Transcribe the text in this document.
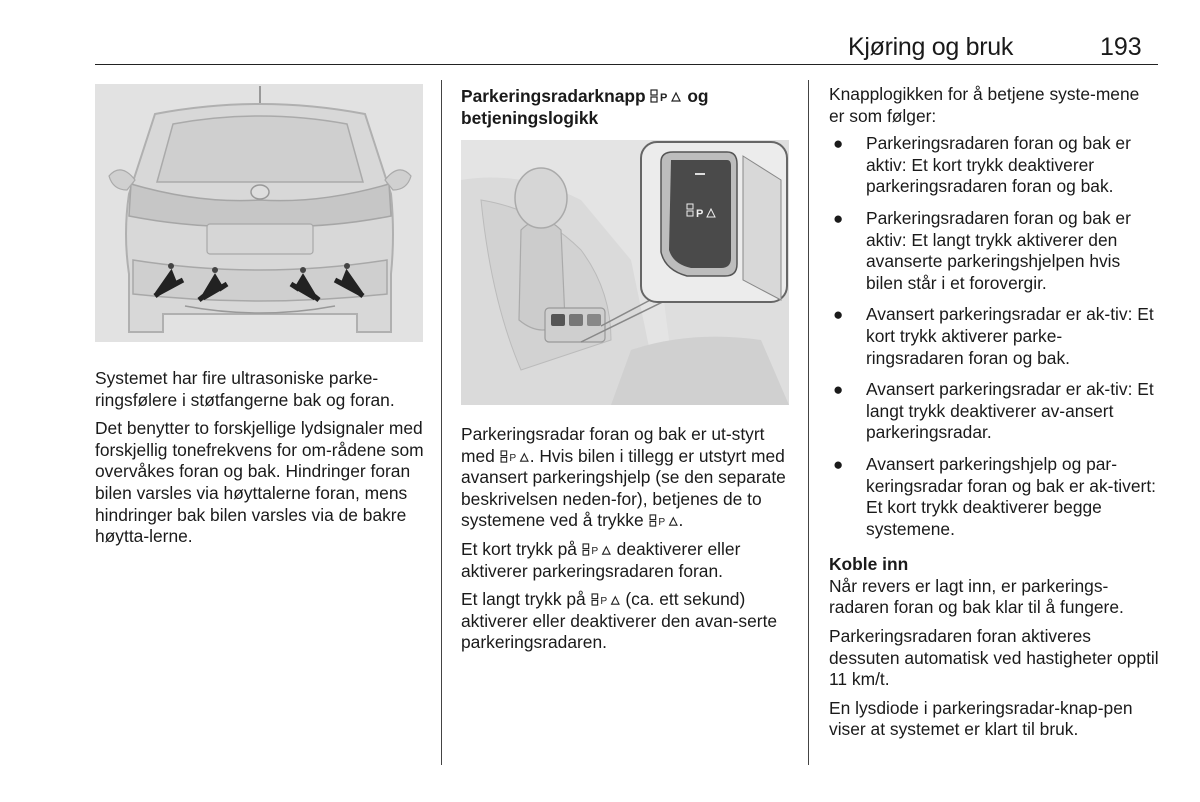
Kjøring og bruk	193

Systemet har fire ultrasoniske parke-ringsfølere i støtfangerne bak og foran.

Det benytter to forskjellige lydsignaler med forskjellig tonefrekvens for om-rådene som overvåkes foran og bak. Hindringer foran bilen varsles via høyttalerne foran, mens hindringer bak bilen varsles via de bakre høytta-lerne.

Parkeringsradarknapp P og
betjeningslogikk
P

Parkeringsradar foran og bak er ut-styrt med P . Hvis bilen i tillegg er utstyrt med avansert parkeringshjelp (se den separate beskrivelsen neden-for), betjenes de to systemene ved å trykke P .

Et kort trykk på P deaktiverer eller aktiverer parkeringsradaren foran.

Et langt trykk på P (ca. ett sekund) aktiverer eller deaktiverer den avan-serte parkeringsradaren.

Knapplogikken for å betjene syste-mene er som følger:

● Parkeringsradaren foran og bak er aktiv: Et kort trykk deaktiverer parkeringsradaren foran og bak.
● Parkeringsradaren foran og bak er aktiv: Et langt trykk aktiverer den avanserte parkeringshjelpen hvis bilen står i et forovergir.
● Avansert parkeringsradar er ak-tiv: Et kort trykk aktiverer parke-ringsradaren foran og bak.
● Avansert parkeringsradar er ak-tiv: Et langt trykk deaktiverer av-ansert parkeringsradar.
● Avansert parkeringshjelp og par-keringsradar foran og bak er ak-tivert: Et kort trykk deaktiverer begge systemene.
Koble inn

Når revers er lagt inn, er parkerings-radaren foran og bak klar til å fungere.

Parkeringsradaren foran aktiveres dessuten automatisk ved hastigheter opptil 11 km/t.

En lysdiode i parkeringsradar-knap-pen viser at systemet er klart til bruk.
